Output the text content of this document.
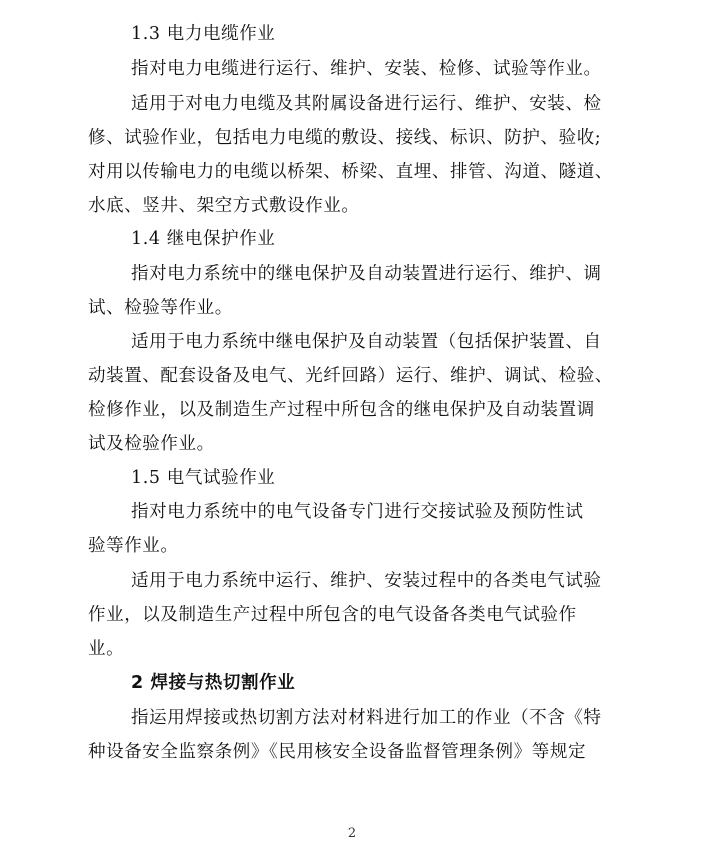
1.3 电力电缆作业
指对电力电缆进行运行、维护、安装、检修、试验等作业。
适用于对电力电缆及其附属设备进行运行、维护、安装、检
修、试验作业，包括电力电缆的敷设、接线、标识、防护、验收;
对用以传输电力的电缆以桥架、桥梁、直埋、排管、沟道、隧道、
水底、竖井、架空方式敷设作业。
1.4 继电保护作业
指对电力系统中的继电保护及自动装置进行运行、维护、调
试、检验等作业。
适用于电力系统中继电保护及自动装置（包括保护装置、自
动装置、配套设备及电气、光纤回路）运行、维护、调试、检验、
检修作业，以及制造生产过程中所包含的继电保护及自动装置调
试及检验作业。
1.5 电气试验作业
指对电力系统中的电气设备专门进行交接试验及预防性试
验等作业。
适用于电力系统中运行、维护、安装过程中的各类电气试验
作业，以及制造生产过程中所包含的电气设备各类电气试验作
业。
2 焊接与热切割作业
指运用焊接或热切割方法对材料进行加工的作业（不含《特
种设备安全监察条例》《民用核安全设备监督管理条例》等规定
2
